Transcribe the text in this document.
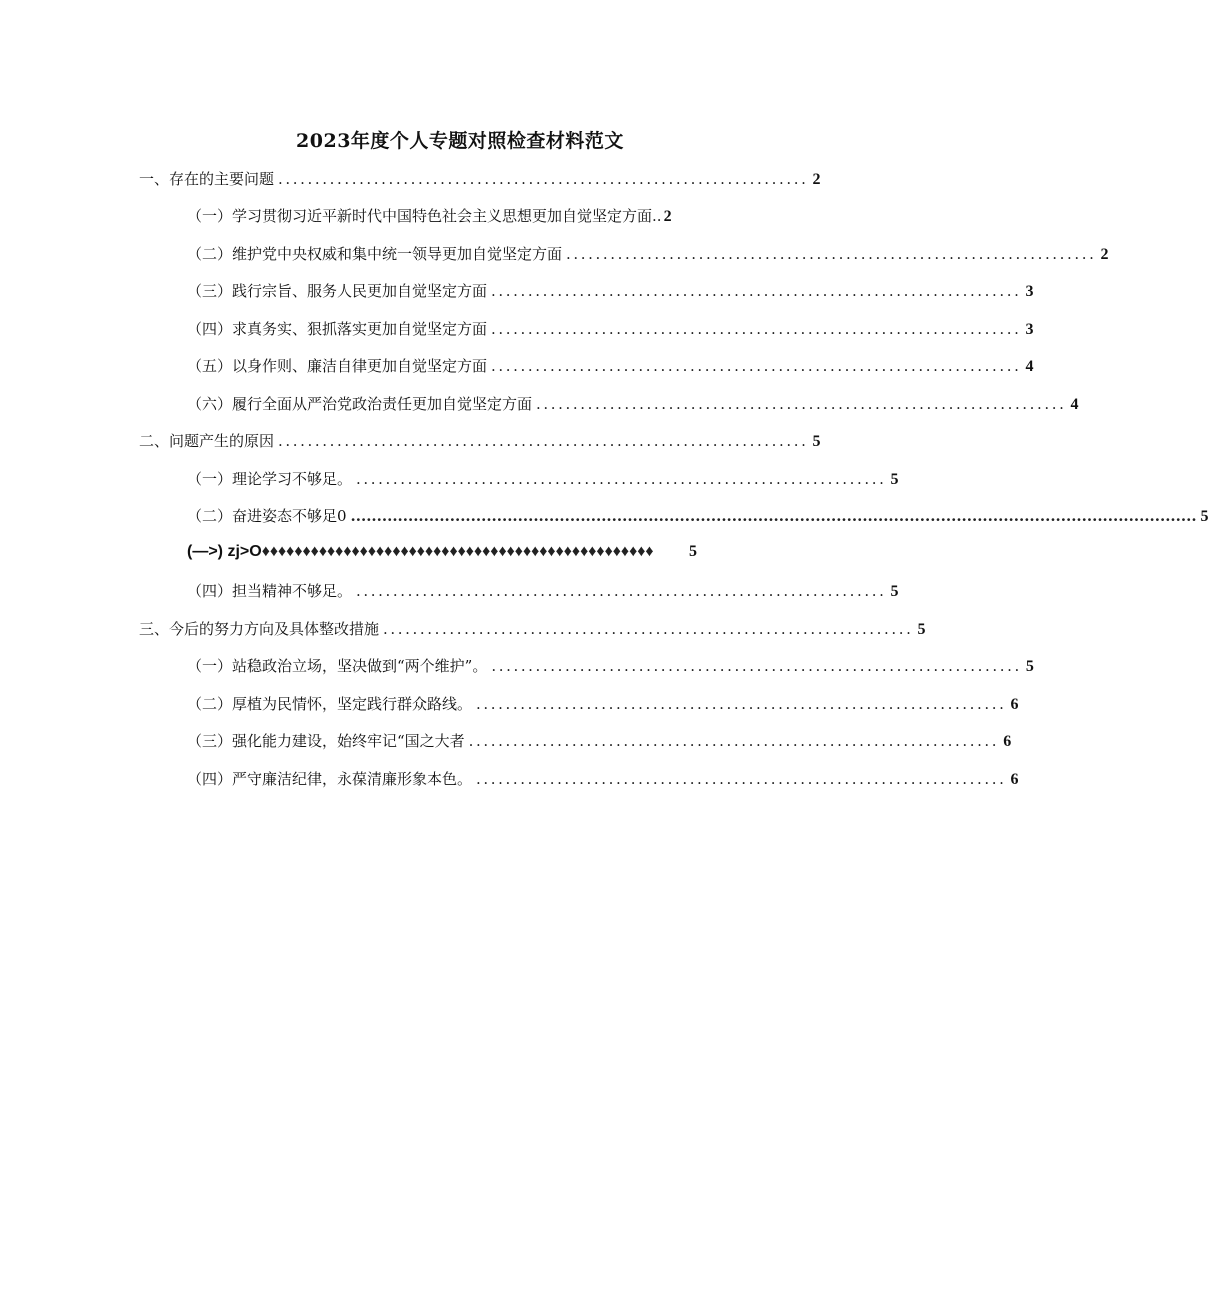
2023年度个人专题对照检查材料范文
一、存在的主要问题 ........................................................................ 2
（一）学习贯彻习近平新时代中国特色社会主义思想更加自觉坚定方面 .. 2
（二）维护党中央权威和集中统一领导更加自觉坚定方面 ........................................................................ 2
（三）践行宗旨、服务人民更加自觉坚定方面 ........................................................................ 3
（四）求真务实、狠抓落实更加自觉坚定方面 ........................................................................ 3
（五）以身作则、廉洁自律更加自觉坚定方面 ........................................................................ 4
（六）履行全面从严治党政治责任更加自觉坚定方面 ........................................................................ 4
二、问题产生的原因 ........................................................................ 5
（一）理论学习不够足。 ........................................................................ 5
（二）奋进姿态不够足0 .................................................................................................................................................................. 5
(—>) zj>O ♦♦♦♦♦♦♦♦♦♦♦♦♦♦♦♦♦♦♦♦♦♦♦♦♦♦♦♦♦♦♦♦♦♦♦♦♦♦♦♦♦♦♦♦♦♦♦♦	5
（四）担当精神不够足。 ........................................................................ 5
三、今后的努力方向及具体整改措施 ........................................................................ 5
（一）站稳政治立场，坚决做到“两个维护”。 ........................................................................ 5
（二）厚植为民情怀，坚定践行群众路线。 ........................................................................ 6
（三）强化能力建设，始终牢记“国之大者 ........................................................................ 6
（四）严守廉洁纪律，永葆清廉形象本色。 ........................................................................ 6
